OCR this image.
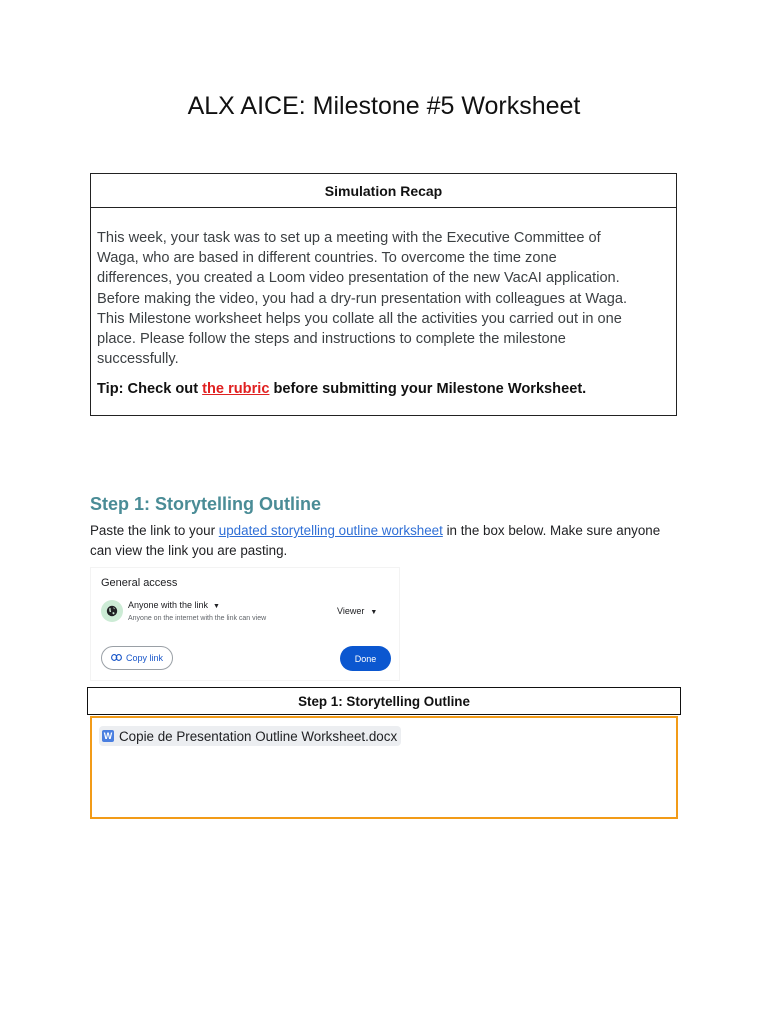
ALX AICE: Milestone #5 Worksheet
Simulation Recap

This week, your task was to set up a meeting with the Executive Committee of
Waga, who are based in different countries. To overcome the time zone
differences, you created a Loom video presentation of the new VacAI application.
Before making the video, you had a dry-run presentation with colleagues at Waga.
This Milestone worksheet helps you collate all the activities you carried out in one
place. Please follow the steps and instructions to complete the milestone
successfully.

Tip: Check out the rubric before submitting your Milestone Worksheet.

Step 1: Storytelling Outline

Paste the link to your updated storytelling outline worksheet in the box below. Make sure anyone can view the link you are pasting.

General access
Anyone with the link ▼
Anyone on the internet with the link can view
Viewer ▼
Copy link	Done
Step 1: Storytelling Outline
W Copie de Presentation Outline Worksheet.docx
